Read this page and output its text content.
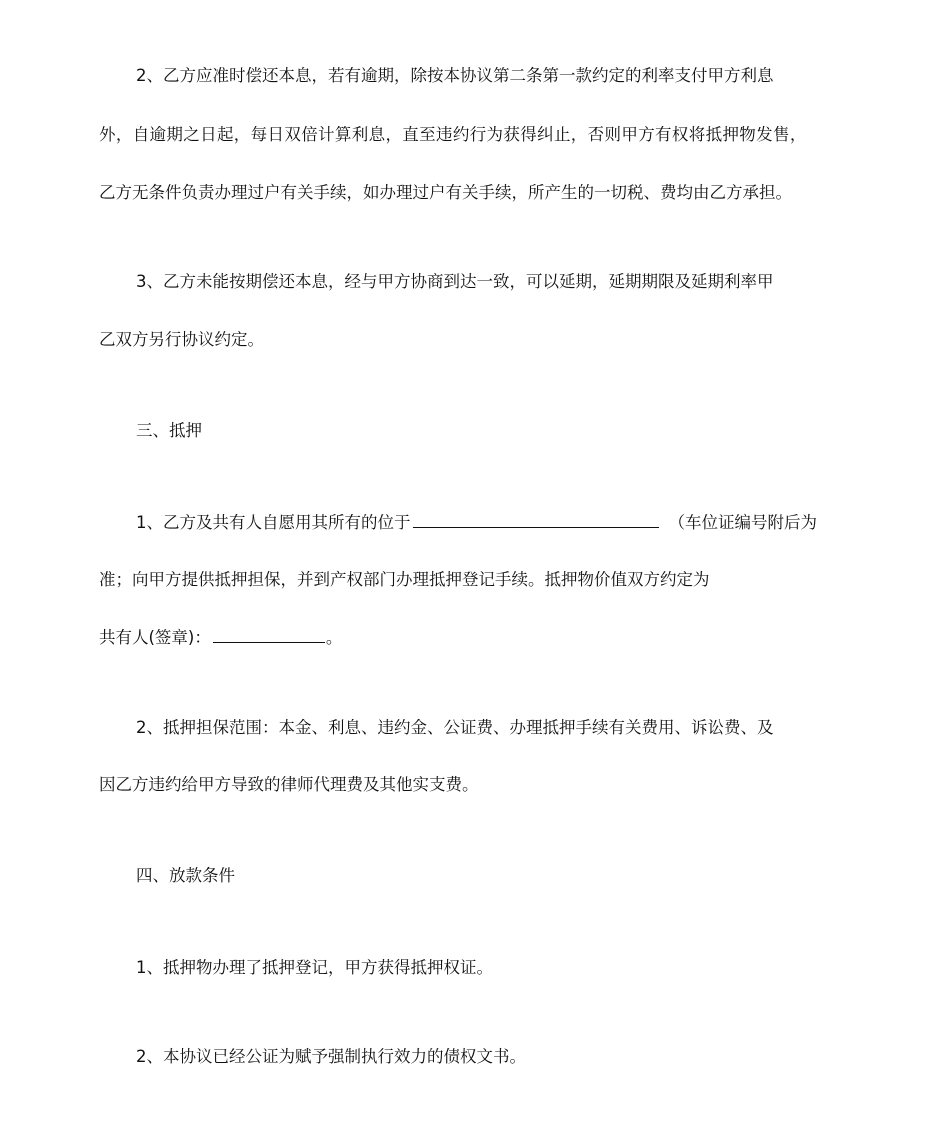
2、乙方应准时偿还本息，若有逾期，除按本协议第二条第一款约定的利率支付甲方利息
外，自逾期之日起，每日双倍计算利息，直至违约行为获得纠止，否则甲方有权将抵押物发售，
乙方无条件负责办理过户有关手续，如办理过户有关手续，所产生的一切税、费均由乙方承担。
3、乙方未能按期偿还本息，经与甲方协商到达一致，可以延期，延期期限及延期利率甲
乙双方另行协议约定。
三、抵押
1、乙方及共有人自愿用其所有的位于	（车位证编号附后为
准；向甲方提供抵押担保，并到产权部门办理抵押登记手续。抵押物价值双方约定为
共有人(签章)：	。
2、抵押担保范围：本金、利息、违约金、公证费、办理抵押手续有关费用、诉讼费、及
因乙方违约给甲方导致的律师代理费及其他实支费。
四、放款条件
1、抵押物办理了抵押登记，甲方获得抵押权证。
2、本协议已经公证为赋予强制执行效力的债权文书。
